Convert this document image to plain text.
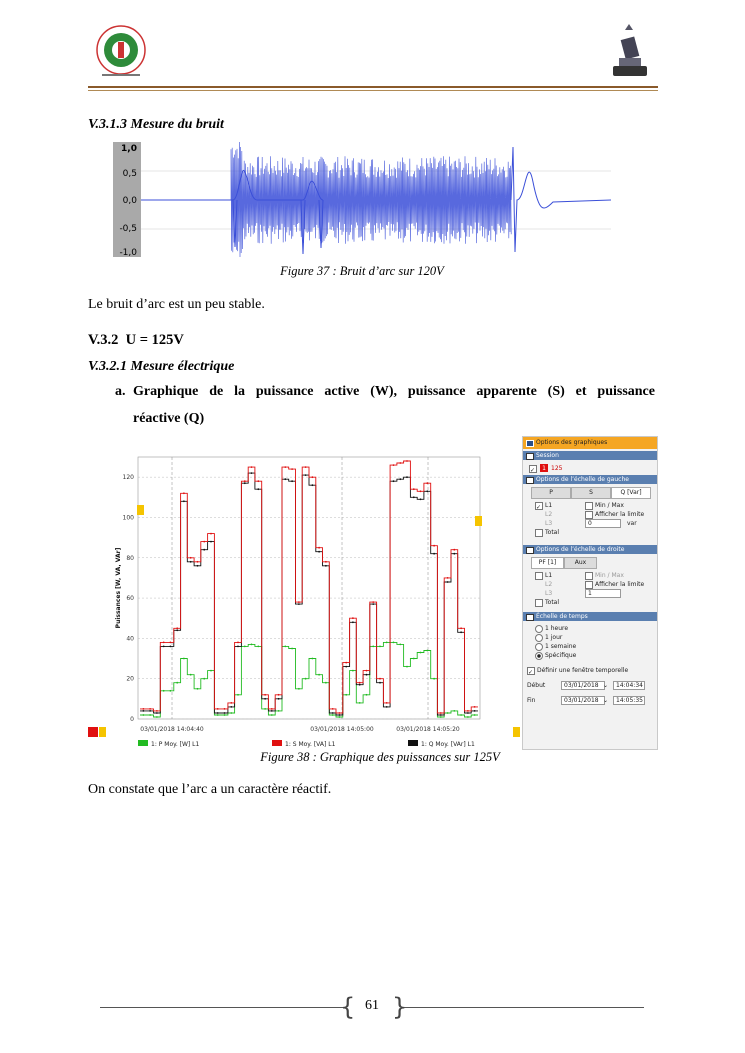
V.3.1.3 Mesure du bruit
1,0
0,5
0,0
-0,5
-1,0
Figure 37 : Bruit d’arc sur 120V
Le bruit d’arc est un peu stable.
V.3.2 U = 125V
V.3.2.1 Mesure électrique
a. Graphique de la puissance active (W), puissance apparente (S) et puissance
réactive (Q)
0
20
40
60
80
100
120
03/01/2018 14:04:40	03/01/2018 14:05:00	03/01/2018 14:05:20
Puissances [W, VA, VAr]
1: P Moy. [W] L1	1: S Moy. [VA] L1	1: Q Moy. [VAr] L1
Options des graphiques
Session
✓	1 125
Options de l’échelle de gauche
P	S	Q [Var]
✓ L1	Min / Max
L2	Afficher la limite
L3	0	var
Total
Options de l’échelle de droite
PF [1]	Aux
L1	Min / Max
L2	Afficher la limite
L3	1
Total
Échelle de temps
1 heure
1 jour
1 semaine
Spécifique
✓ Définir une fenêtre temporelle
Début	03/01/2018 ⌄	14:04:34
Fin	03/01/2018 ⌄	14:05:35
Figure 38 : Graphique des puissances sur 125V
On constate que l’arc a un caractère réactif.
{ }
61
